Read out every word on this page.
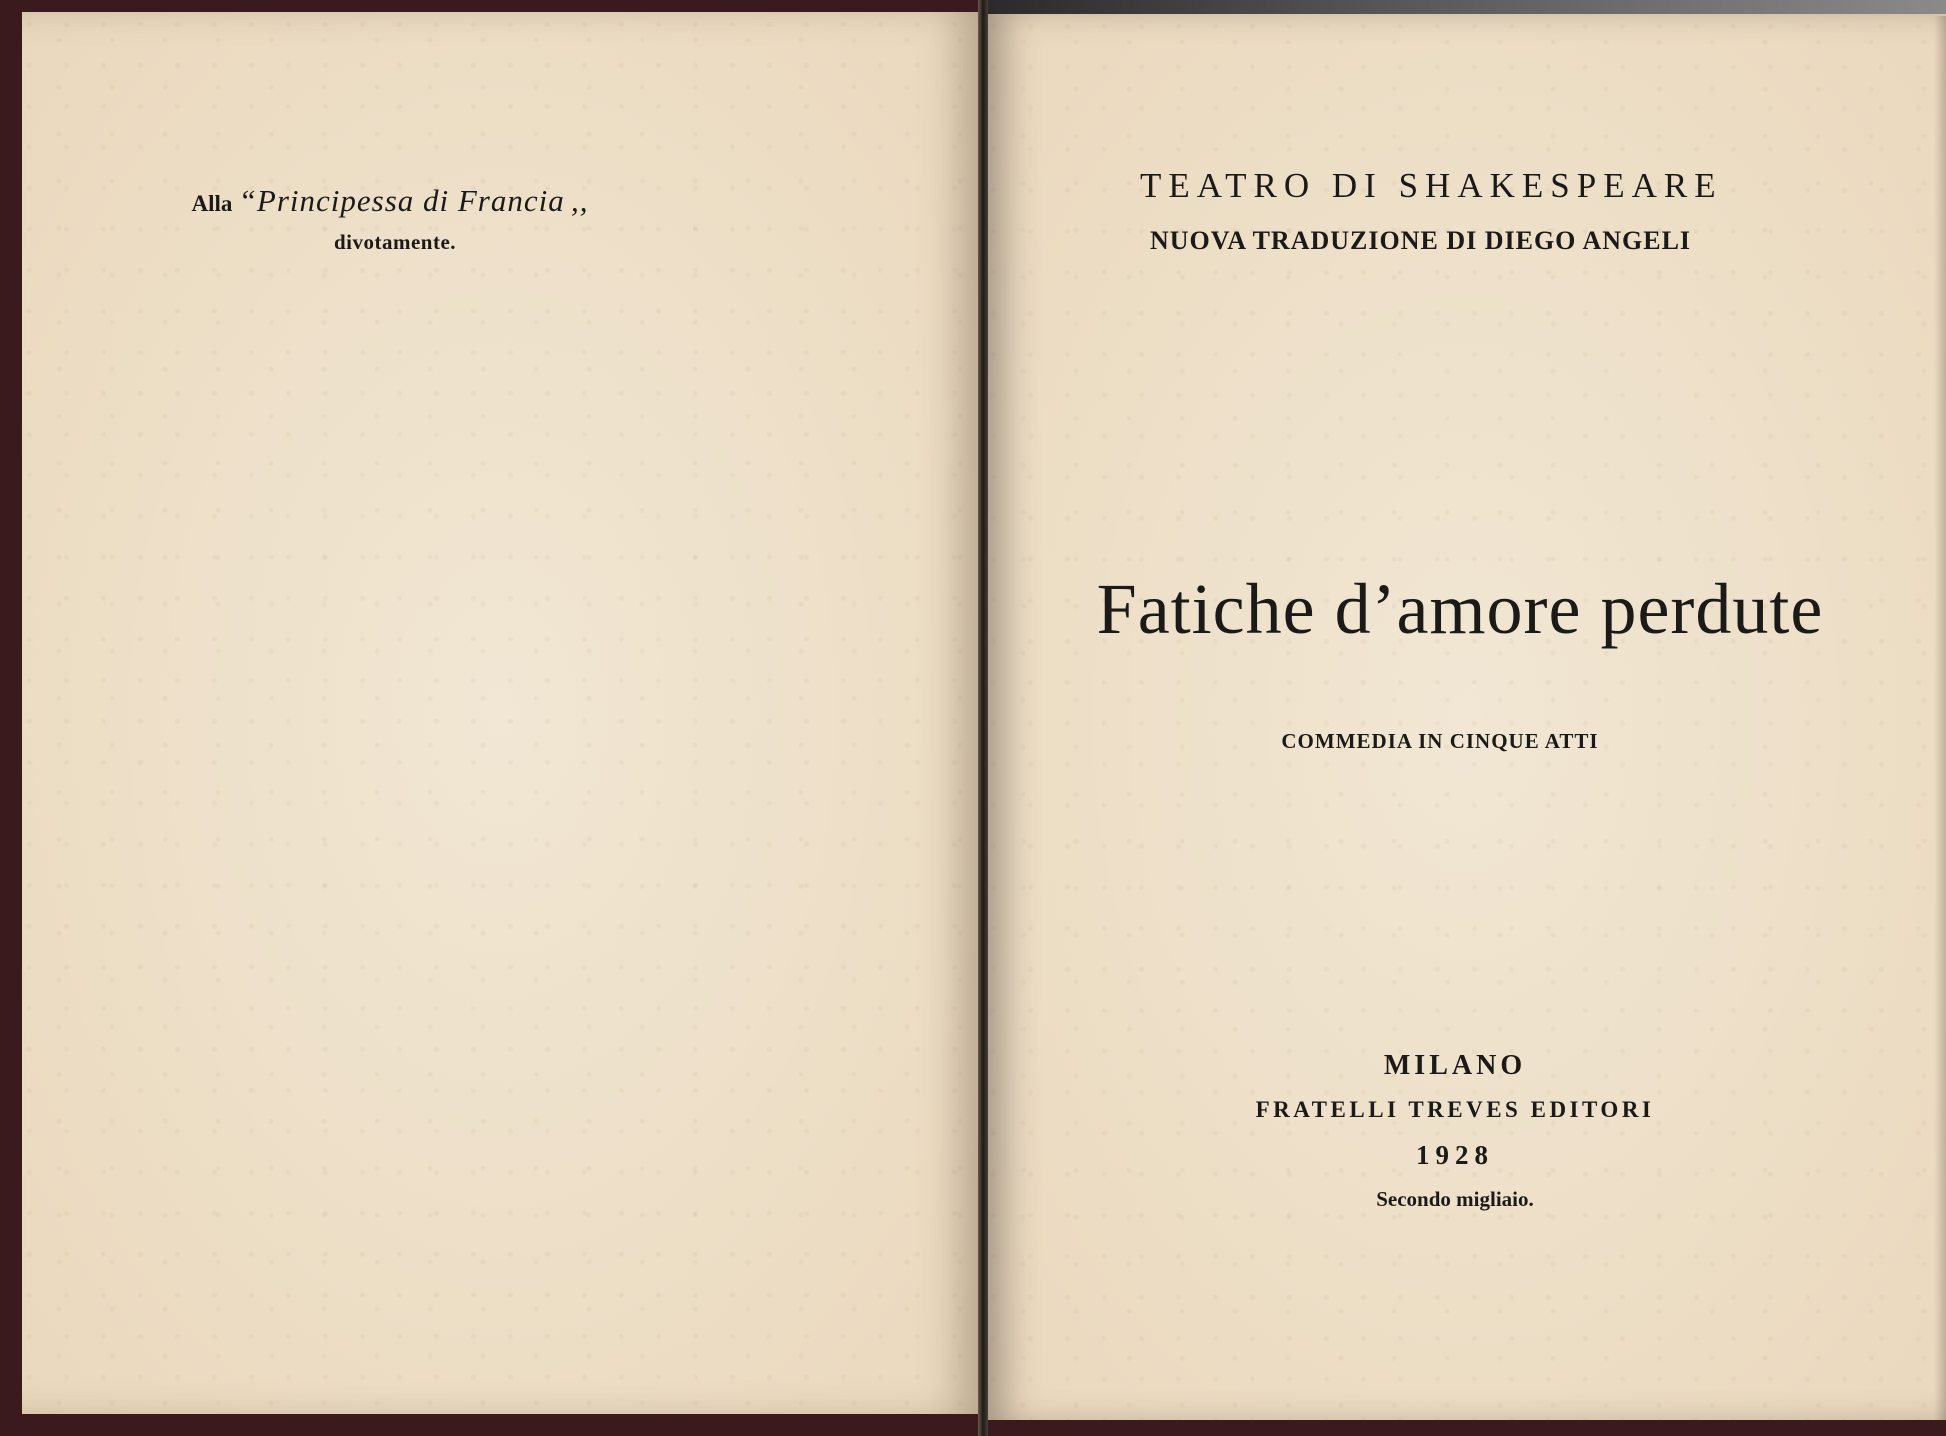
Alla “Principessa di Francia ,,

divotamente.

TEATRO DI SHAKESPEARE

NUOVA TRADUZIONE DI DIEGO ANGELI

Fatiche d’amore perdute

COMMEDIA IN CINQUE ATTI

MILANO

FRATELLI TREVES EDITORI

1928

Secondo migliaio.
